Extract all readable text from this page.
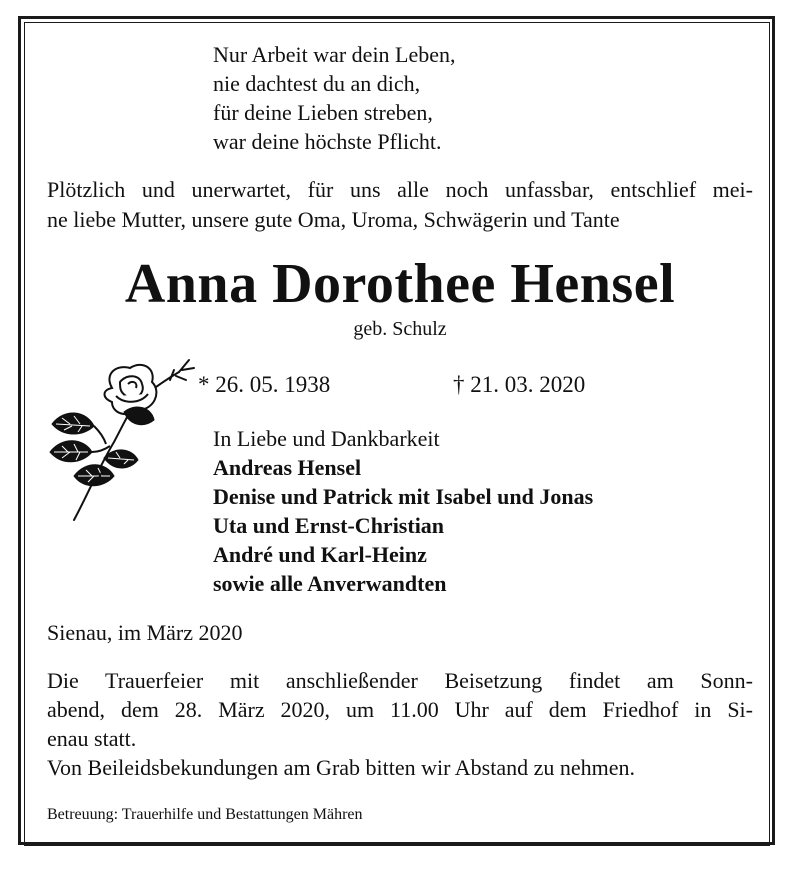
Nur Arbeit war dein Leben,
nie dachtest du an dich,
für deine Lieben streben,
war deine höchste Pflicht.
Plötzlich und unerwartet, für uns alle noch unfassbar, entschlief mei-
ne liebe Mutter, unsere gute Oma, Uroma, Schwägerin und Tante
Anna Dorothee Hensel
geb. Schulz
* 26. 05. 1938	† 21. 03. 2020
In Liebe und Dankbarkeit
Andreas Hensel
Denise und Patrick mit Isabel und Jonas
Uta und Ernst-Christian
André und Karl-Heinz
sowie alle Anverwandten
Sienau, im März 2020

Die Trauerfeier mit anschließender Beisetzung findet am Sonn-

abend, dem 28. März 2020, um 11.00 Uhr auf dem Friedhof in Si-

enau statt.

Von Beileidsbekundungen am Grab bitten wir Abstand zu nehmen.

Betreuung: Trauerhilfe und Bestattungen Mähren
